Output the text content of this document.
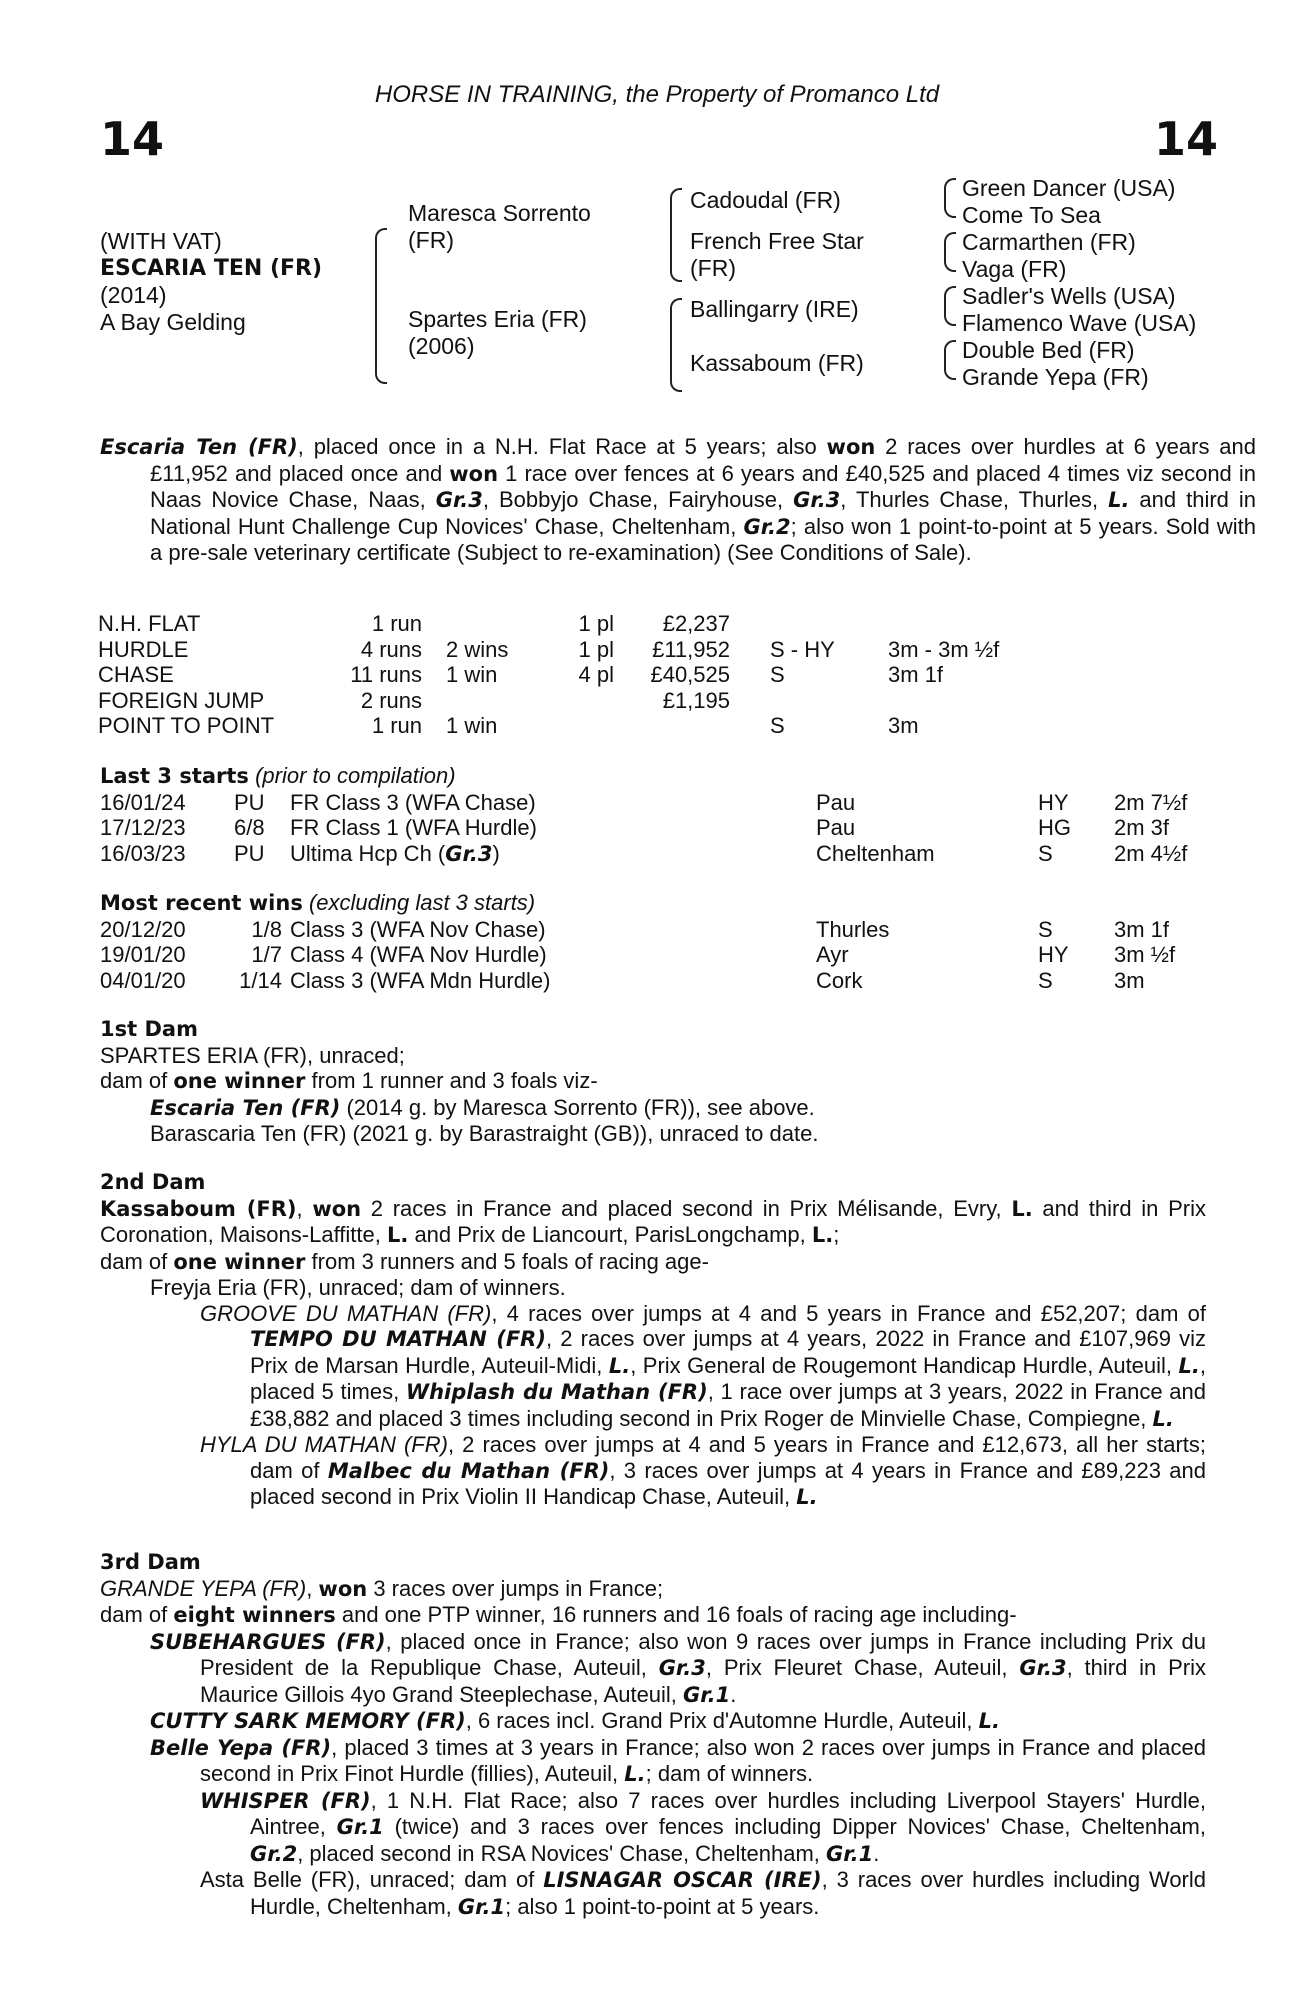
HORSE IN TRAINING, the Property of Promanco Ltd
14	14
(WITH VAT)
ESCARIA TEN (FR)
(2014)
A Bay Gelding
Maresca Sorrento
(FR)
Spartes Eria (FR)
(2006)
Cadoudal (FR)
French Free Star
(FR)
Ballingarry (IRE)
Kassaboum (FR)
Green Dancer (USA)
Come To Sea
Carmarthen (FR)
Vaga (FR)
Sadler's Wells (USA)
Flamenco Wave (USA)
Double Bed (FR)
Grande Yepa (FR)
Escaria Ten (FR), placed once in a N.H. Flat Race at 5 years; also won 2 races over hurdles at 6 years and £11,952 and placed once and won 1 race over fences at 6 years and £40,525 and placed 4 times viz second in Naas Novice Chase, Naas, Gr.3, Bobbyjo Chase, Fairyhouse, Gr.3, Thurles Chase, Thurles, L. and third in National Hunt Challenge Cup Novices' Chase, Cheltenham, Gr.2; also won 1 point-to-point at 5 years. Sold with a pre-sale veterinary certificate (Subject to re-examination) (See Conditions of Sale).
N.H. FLAT	1 run		1 pl	£2,237			
HURDLE	4 runs	2 wins	1 pl	£11,952		S - HY	3m - 3m ½f
CHASE	11 runs	1 win	4 pl	£40,525		S	3m 1f
FOREIGN JUMP	2 runs			£1,195			
POINT TO POINT	1 run	1 win				S	3m
Last 3 starts (prior to compilation)
16/01/24	PU	FR Class 3 (WFA Chase)	Pau	HY	2m 7½f
17/12/23	6/8	FR Class 1 (WFA Hurdle)	Pau	HG	2m 3f
16/03/23	PU	Ultima Hcp Ch (Gr.3)	Cheltenham	S	2m 4½f
Most recent wins (excluding last 3 starts)
20/12/20	1/8	Class 3 (WFA Nov Chase)	Thurles	S	3m 1f
19/01/20	1/7	Class 4 (WFA Nov Hurdle)	Ayr	HY	3m ½f
04/01/20	1/14	Class 3 (WFA Mdn Hurdle)	Cork	S	3m
1st Dam
SPARTES ERIA (FR), unraced;
dam of one winner from 1 runner and 3 foals viz-
Escaria Ten (FR) (2014 g. by Maresca Sorrento (FR)), see above.
Barascaria Ten (FR) (2021 g. by Barastraight (GB)), unraced to date.
2nd Dam
Kassaboum (FR), won 2 races in France and placed second in Prix Mélisande, Evry, L. and third in Prix Coronation, Maisons-Laffitte, L. and Prix de Liancourt, ParisLongchamp, L.;
dam of one winner from 3 runners and 5 foals of racing age-
Freyja Eria (FR), unraced; dam of winners.
GROOVE DU MATHAN (FR), 4 races over jumps at 4 and 5 years in France and £52,207; dam of TEMPO DU MATHAN (FR), 2 races over jumps at 4 years, 2022 in France and £107,969 viz Prix de Marsan Hurdle, Auteuil-Midi, L., Prix General de Rougemont Handicap Hurdle, Auteuil, L., placed 5 times, Whiplash du Mathan (FR), 1 race over jumps at 3 years, 2022 in France and £38,882 and placed 3 times including second in Prix Roger de Minvielle Chase, Compiegne, L.
HYLA DU MATHAN (FR), 2 races over jumps at 4 and 5 years in France and £12,673, all her starts; dam of Malbec du Mathan (FR), 3 races over jumps at 4 years in France and £89,223 and placed second in Prix Violin II Handicap Chase, Auteuil, L.
3rd Dam
GRANDE YEPA (FR), won 3 races over jumps in France;
dam of eight winners and one PTP winner, 16 runners and 16 foals of racing age including-
SUBEHARGUES (FR), placed once in France; also won 9 races over jumps in France including Prix du President de la Republique Chase, Auteuil, Gr.3, Prix Fleuret Chase, Auteuil, Gr.3, third in Prix Maurice Gillois 4yo Grand Steeplechase, Auteuil, Gr.1.
CUTTY SARK MEMORY (FR), 6 races incl. Grand Prix d'Automne Hurdle, Auteuil, L.
Belle Yepa (FR), placed 3 times at 3 years in France; also won 2 races over jumps in France and placed second in Prix Finot Hurdle (fillies), Auteuil, L.; dam of winners.
WHISPER (FR), 1 N.H. Flat Race; also 7 races over hurdles including Liverpool Stayers' Hurdle, Aintree, Gr.1 (twice) and 3 races over fences including Dipper Novices' Chase, Cheltenham, Gr.2, placed second in RSA Novices' Chase, Cheltenham, Gr.1.
Asta Belle (FR), unraced; dam of LISNAGAR OSCAR (IRE), 3 races over hurdles including World Hurdle, Cheltenham, Gr.1; also 1 point-to-point at 5 years.
